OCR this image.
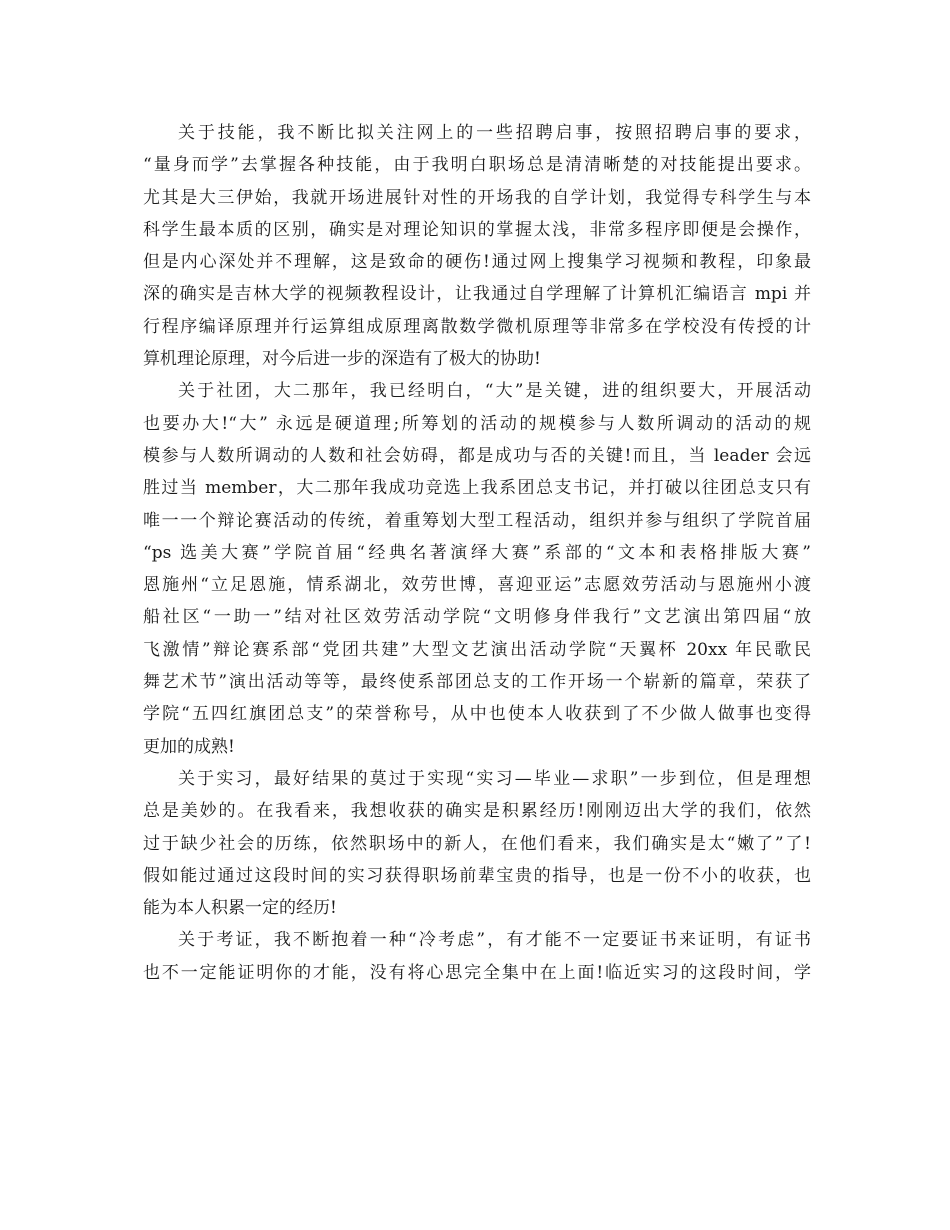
关于技能，我不断比拟关注网上的一些招聘启事，按照招聘启事的要求，
“量身而学”去掌握各种技能，由于我明白职场总是清清晰楚的对技能提出要求。
尤其是大三伊始，我就开场进展针对性的开场我的自学计划，我觉得专科学生与本
科学生最本质的区别，确实是对理论知识的掌握太浅，非常多程序即便是会操作，
但是内心深处并不理解，这是致命的硬伤!通过网上搜集学习视频和教程，印象最
深的确实是吉林大学的视频教程设计，让我通过自学理解了计算机汇编语言 mpi 并
行程序编译原理并行运算组成原理离散数学微机原理等非常多在学校没有传授的计
算机理论原理，对今后进一步的深造有了极大的协助!
关于社团，大二那年，我已经明白，“大”是关键，进的组织要大，开展活动
也要办大!“大” 永远是硬道理;所筹划的活动的规模参与人数所调动的活动的规
模参与人数所调动的人数和社会妨碍，都是成功与否的关键!而且，当 leader 会远
胜过当 member，大二那年我成功竞选上我系团总支书记，并打破以往团总支只有
唯一一个辩论赛活动的传统，着重筹划大型工程活动，组织并参与组织了学院首届
“ps 选美大赛”学院首届“经典名著演绎大赛”系部的“文本和表格排版大赛”
恩施州“立足恩施，情系湖北，效劳世博，喜迎亚运”志愿效劳活动与恩施州小渡
船社区“一助一”结对社区效劳活动学院“文明修身伴我行”文艺演出第四届“放
飞激情”辩论赛系部“党团共建”大型文艺演出活动学院“天翼杯 20xx 年民歌民
舞艺术节”演出活动等等，最终使系部团总支的工作开场一个崭新的篇章，荣获了
学院“五四红旗团总支”的荣誉称号，从中也使本人收获到了不少做人做事也变得
更加的成熟!
关于实习，最好结果的莫过于实现“实习—毕业—求职”一步到位，但是理想
总是美妙的。在我看来，我想收获的确实是积累经历!刚刚迈出大学的我们，依然
过于缺少社会的历练，依然职场中的新人，在他们看来，我们确实是太“嫩了”了!
假如能过通过这段时间的实习获得职场前辈宝贵的指导，也是一份不小的收获，也
能为本人积累一定的经历!
关于考证，我不断抱着一种“冷考虑”，有才能不一定要证书来证明，有证书
也不一定能证明你的才能，没有将心思完全集中在上面!临近实习的这段时间，学
